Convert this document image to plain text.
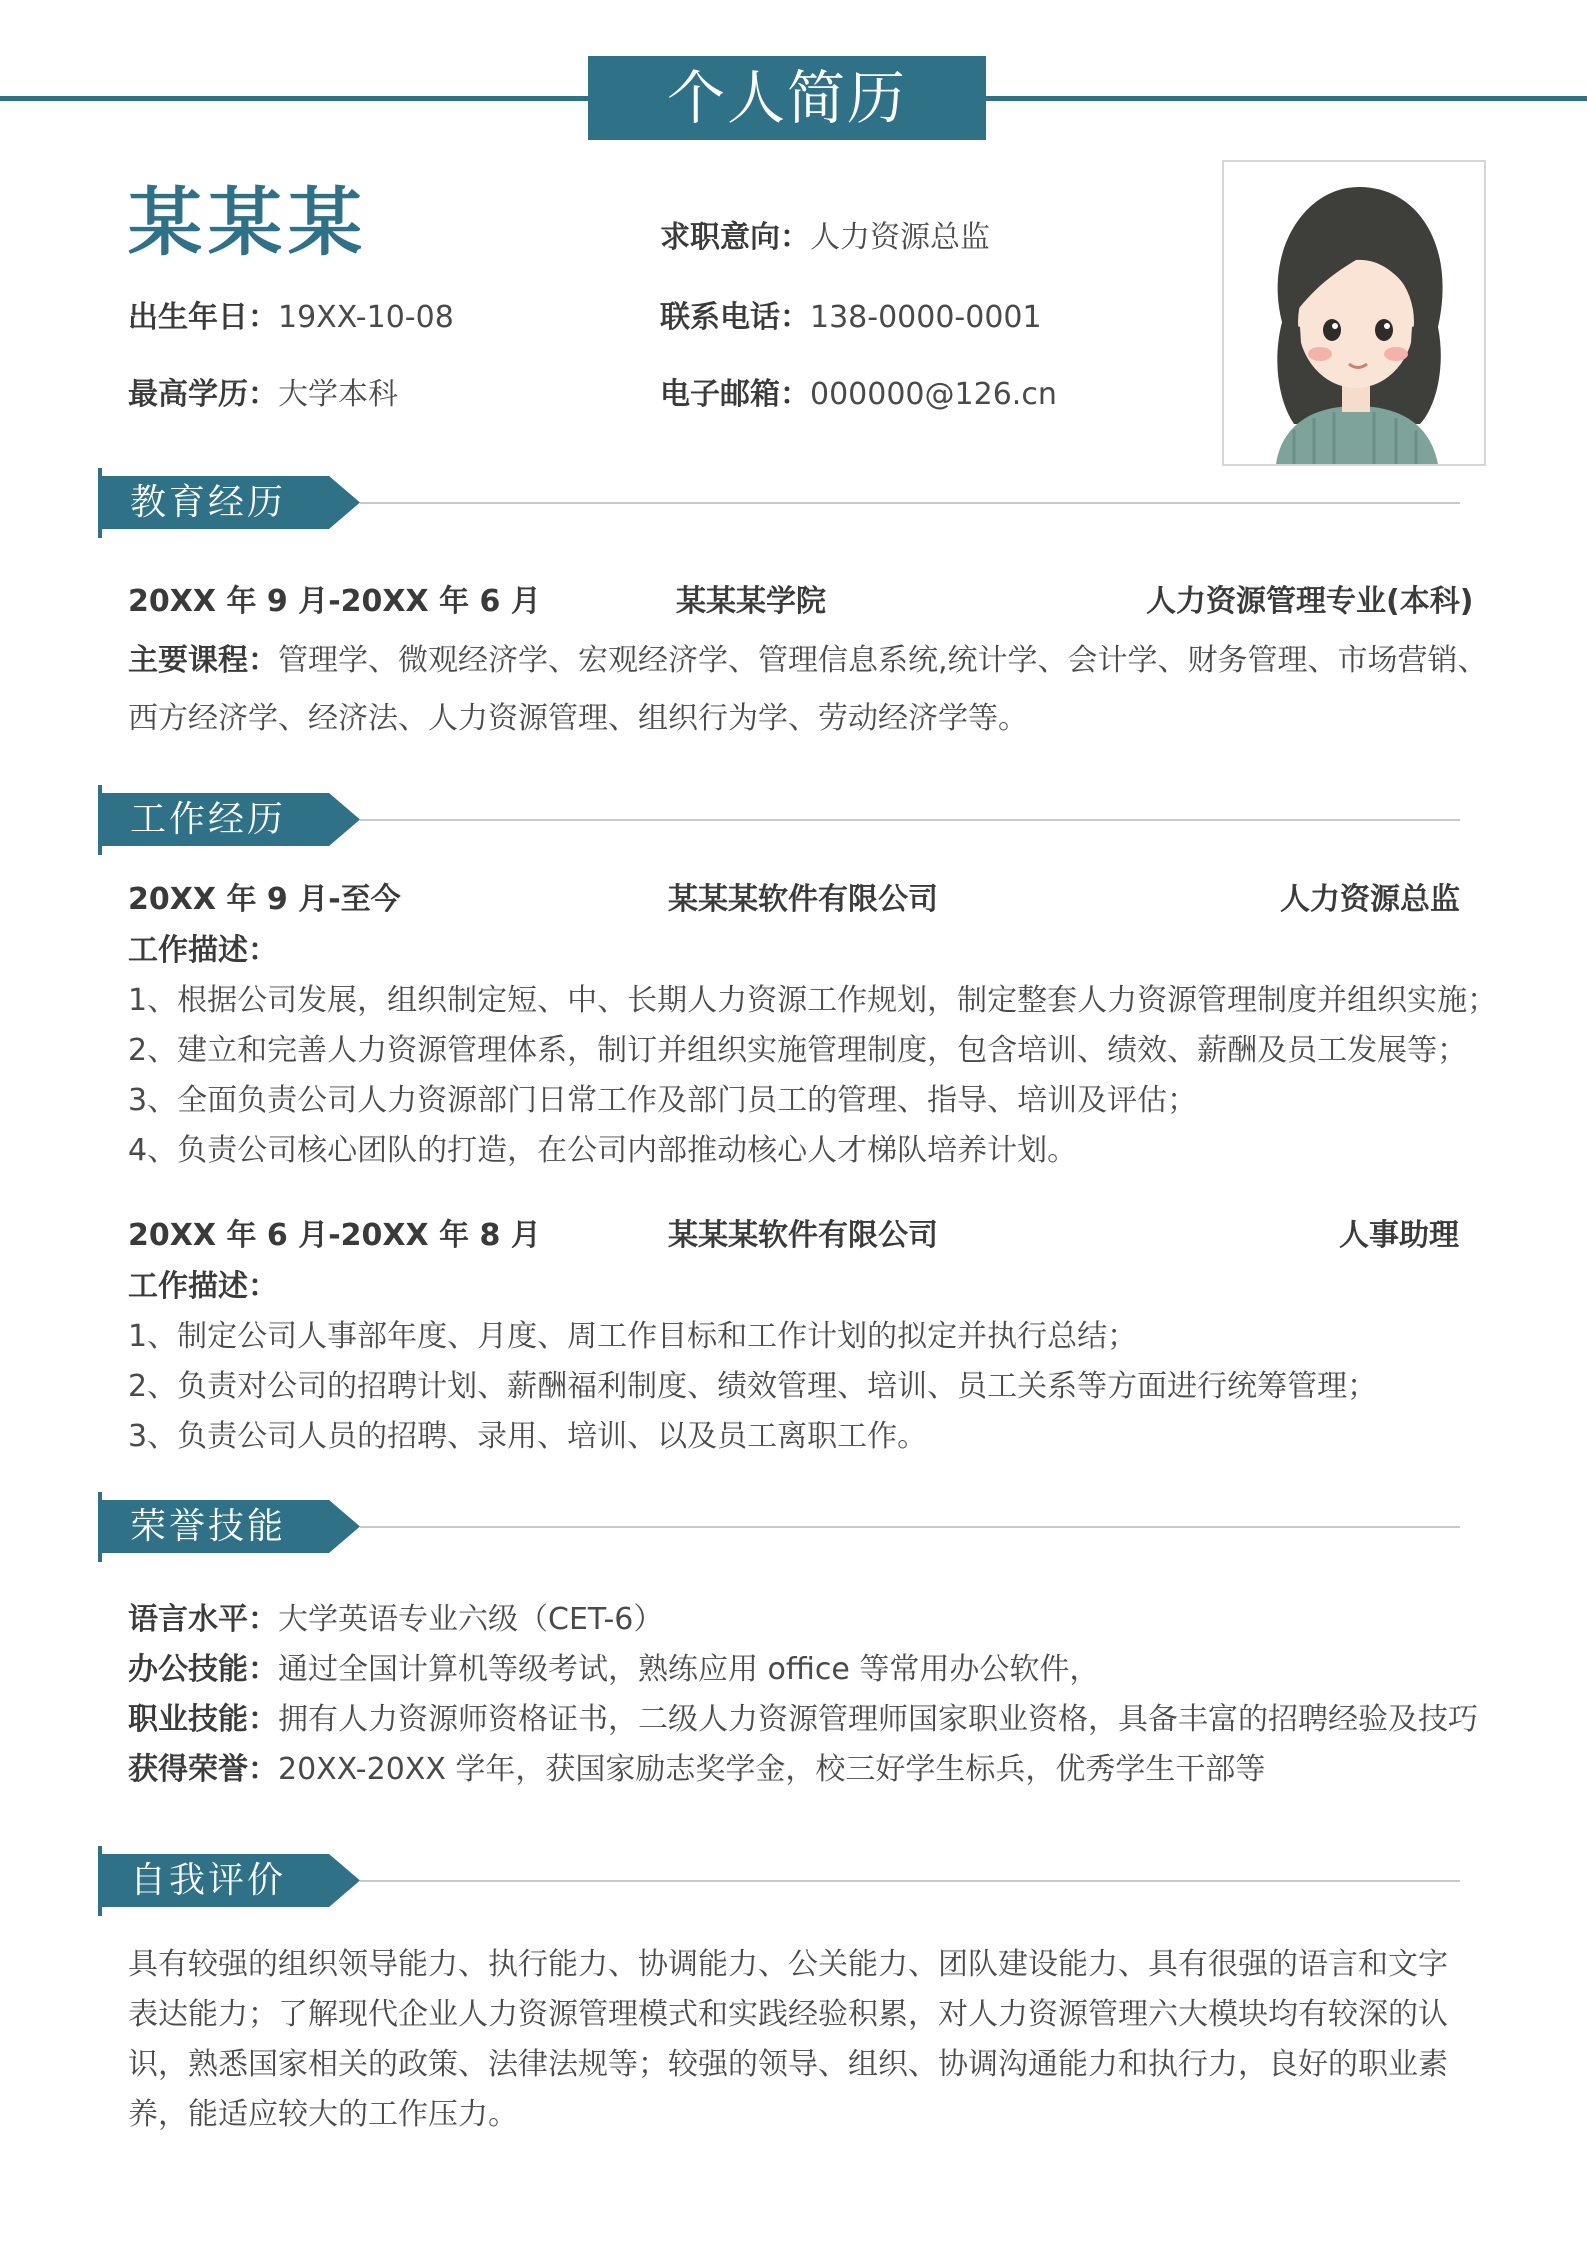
个人简历
某某某	求职意向：人力资源总监
出生年日：19XX-10-08	联系电话：138-0000-0001
最高学历：大学本科	电子邮箱：000000@126.cn
教育经历
20XX 年 9 月-20XX 年 6 月	某某某学院	人力资源管理专业(本科)
主要课程：管理学、微观经济学、宏观经济学、管理信息系统,统计学、会计学、财务管理、市场营销、
西方经济学、经济法、人力资源管理、组织行为学、劳动经济学等。
工作经历
20XX 年 9 月-至今	某某某软件有限公司	人力资源总监
工作描述：
1、根据公司发展，组织制定短、中、长期人力资源工作规划，制定整套人力资源管理制度并组织实施；
2、建立和完善人力资源管理体系，制订并组织实施管理制度，包含培训、绩效、薪酬及员工发展等；
3、全面负责公司人力资源部门日常工作及部门员工的管理、指导、培训及评估；
4、负责公司核心团队的打造，在公司内部推动核心人才梯队培养计划。
20XX 年 6 月-20XX 年 8 月	某某某软件有限公司	人事助理
工作描述：
1、制定公司人事部年度、月度、周工作目标和工作计划的拟定并执行总结；
2、负责对公司的招聘计划、薪酬福利制度、绩效管理、培训、员工关系等方面进行统筹管理；
3、负责公司人员的招聘、录用、培训、以及员工离职工作。
荣誉技能
语言水平：大学英语专业六级（CET-6）
办公技能：通过全国计算机等级考试，熟练应用 office 等常用办公软件，
职业技能：拥有人力资源师资格证书，二级人力资源管理师国家职业资格，具备丰富的招聘经验及技巧
获得荣誉：20XX-20XX 学年，获国家励志奖学金，校三好学生标兵，优秀学生干部等
自我评价
具有较强的组织领导能力、执行能力、协调能力、公关能力、团队建设能力、具有很强的语言和文字表达能力；了解现代企业人力资源管理模式和实践经验积累，对人力资源管理六大模块均有较深的认识，熟悉国家相关的政策、法律法规等；较强的领导、组织、协调沟通能力和执行力，良好的职业素养，能适应较大的工作压力。
